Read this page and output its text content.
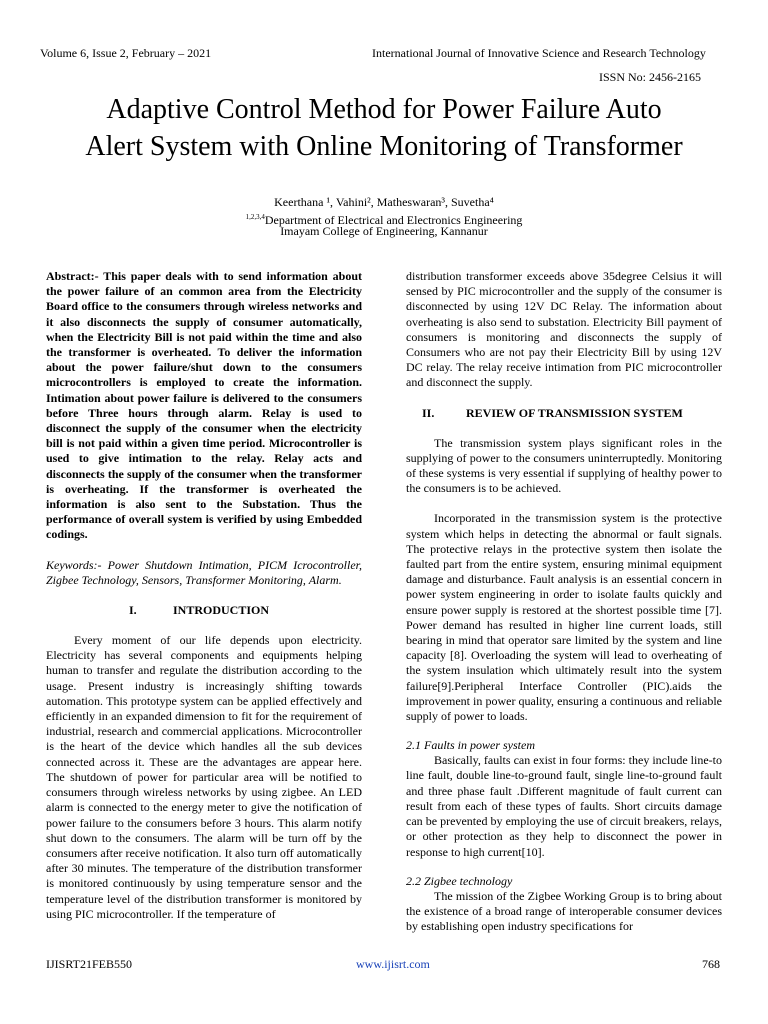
Volume 6, Issue 2, February – 2021	International Journal of Innovative Science and Research Technology
ISSN No: 2456-2165
Adaptive Control Method for Power Failure Auto
Alert System with Online Monitoring of Transformer
Keerthana ¹, Vahini², Matheswaran³, Suvetha⁴
$^{1,2,3,4}$Department of Electrical and Electronics Engineering
Imayam College of Engineering, Kannanur

Abstract:- This paper deals with to send information about the power failure of an common area from the Electricity Board office to the consumers through wireless networks and it also disconnects the supply of consumer automatically, when the Electricity Bill is not paid within the time and also the transformer is overheated. To deliver the information about the power failure/shut down to the consumers microcontrollers is employed to create the information. Intimation about power failure is delivered to the consumers before Three hours through alarm. Relay is used to disconnect the supply of the consumer when the electricity bill is not paid within a given time period. Microcontroller is used to give intimation to the relay. Relay acts and disconnects the supply of the consumer when the transformer is overheating. If the transformer is overheated the information is also sent to the Substation. Thus the performance of overall system is verified by using Embedded codings.

Keywords:- Power Shutdown Intimation, PICM Icrocontroller, Zigbee Technology, Sensors, Transformer Monitoring, Alarm.

I.	INTRODUCTION

Every moment of our life depends upon electricity. Electricity has several components and equipments helping human to transfer and regulate the distribution according to the usage. Present industry is increasingly shifting towards automation. This prototype system can be applied effectively and efficiently in an expanded dimension to fit for the requirement of industrial, research and commercial applications. Microcontroller is the heart of the device which handles all the sub devices connected across it. These are the advantages are appear here. The shutdown of power for particular area will be notified to consumers through wireless networks by using zigbee. An LED alarm is connected to the energy meter to give the notification of power failure to the consumers before 3 hours. This alarm notify shut down to the consumers. The alarm will be turn off by the consumers after receive notification. It also turn off automatically after 30 minutes. The temperature of the distribution transformer is monitored continuously by using temperature sensor and the temperature level of the distribution transformer is monitored by using PIC microcontroller. If the temperature of

distribution transformer exceeds above 35degree Celsius it will sensed by PIC microcontroller and the supply of the consumer is disconnected by using 12V DC Relay. The information about overheating is also send to substation. Electricity Bill payment of consumers is monitoring and disconnects the supply of Consumers who are not pay their Electricity Bill by using 12V DC relay. The relay receive intimation from PIC microcontroller and disconnect the supply.

II.	REVIEW OF TRANSMISSION SYSTEM

The transmission system plays significant roles in the supplying of power to the consumers uninterruptedly. Monitoring of these systems is very essential if supplying of healthy power to the consumers is to be achieved.

Incorporated in the transmission system is the protective system which helps in detecting the abnormal or fault signals. The protective relays in the protective system then isolate the faulted part from the entire system, ensuring minimal equipment damage and disturbance. Fault analysis is an essential concern in power system engineering in order to isolate faults quickly and ensure power supply is restored at the shortest possible time [7]. Power demand has resulted in higher line current loads, still bearing in mind that operator sare limited by the system and line capacity [8]. Overloading the system will lead to overheating of the system insulation which ultimately result into the system failure[9].Peripheral Interface Controller (PIC).aids the improvement in power quality, ensuring a continuous and reliable supply of power to loads.

2.1 Faults in power system

Basically, faults can exist in four forms: they include line-to line fault, double line-to-ground fault, single line-to-ground fault and three phase fault .Different magnitude of fault current can result from each of these types of faults. Short circuits damage can be prevented by employing the use of circuit breakers, relays, or other protection as they help to disconnect the power in response to high current[10].

2.2 Zigbee technology

The mission of the Zigbee Working Group is to bring about the existence of a broad range of interoperable consumer devices by establishing open industry specifications for

IJISRT21FEB550	www.ijisrt.com	768
